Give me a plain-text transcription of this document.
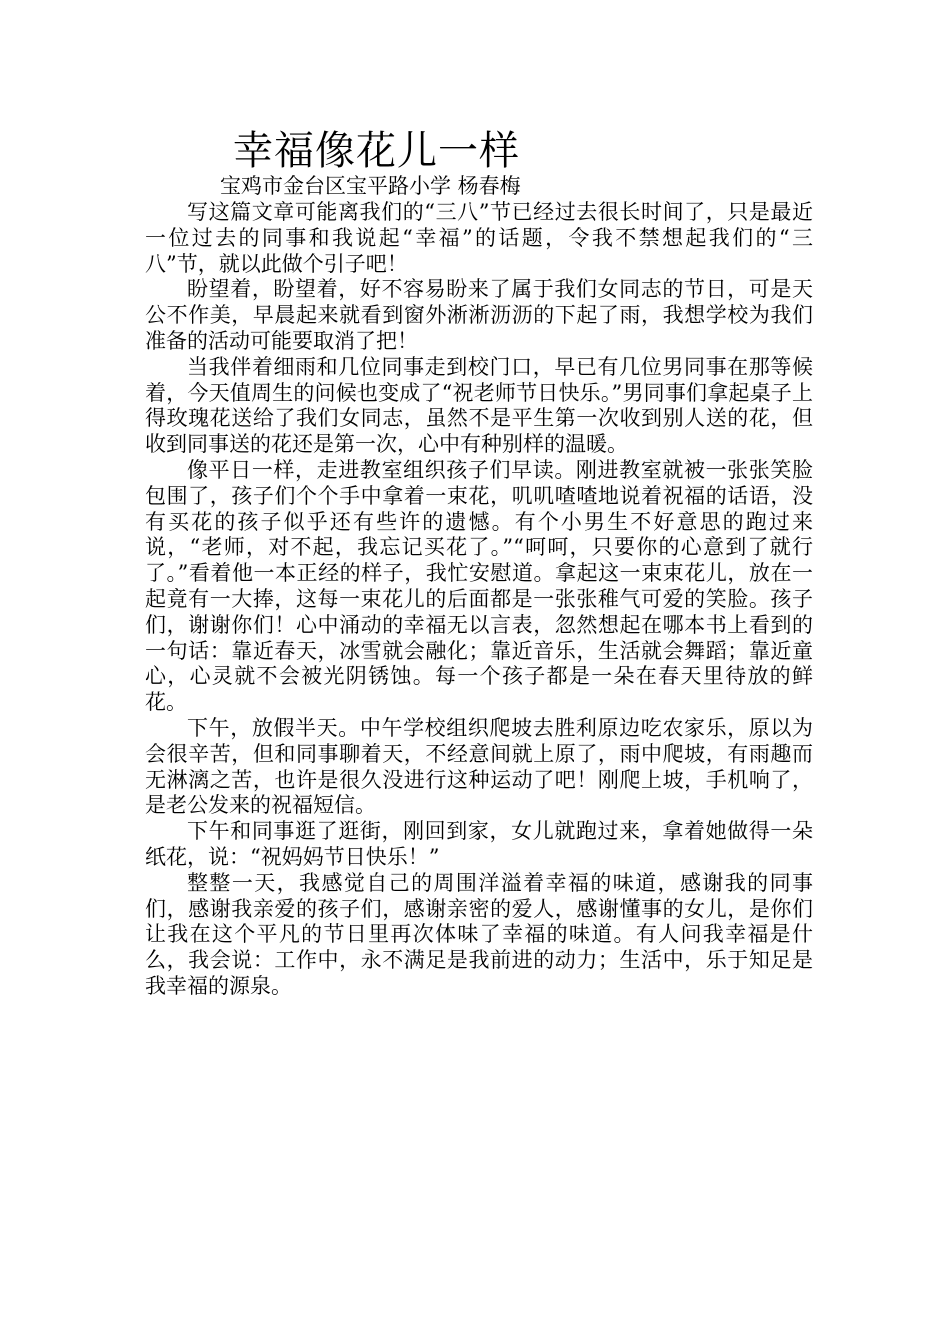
幸福像花儿一样
宝鸡市金台区宝平路小学 杨春梅

写这篇文章可能离我们的“三八”节已经过去很长时间了，只是最近一位过去的同事和我说起“幸福”的话题，令我不禁想起我们的“三八”节，就以此做个引子吧！

盼望着，盼望着，好不容易盼来了属于我们女同志的节日，可是天公不作美，早晨起来就看到窗外淅淅沥沥的下起了雨，我想学校为我们准备的活动可能要取消了把！

当我伴着细雨和几位同事走到校门口，早已有几位男同事在那等候着，今天值周生的问候也变成了“祝老师节日快乐。”男同事们拿起桌子上得玫瑰花送给了我们女同志，虽然不是平生第一次收到别人送的花，但收到同事送的花还是第一次，心中有种别样的温暖。

像平日一样，走进教室组织孩子们早读。刚进教室就被一张张笑脸包围了，孩子们个个手中拿着一束花，叽叽喳喳地说着祝福的话语，没有买花的孩子似乎还有些许的遗憾。有个小男生不好意思的跑过来说，“老师，对不起，我忘记买花了。”“呵呵，只要你的心意到了就行了。”看着他一本正经的样子，我忙安慰道。拿起这一束束花儿，放在一起竟有一大捧，这每一束花儿的后面都是一张张稚气可爱的笑脸。孩子们，谢谢你们！心中涌动的幸福无以言表，忽然想起在哪本书上看到的一句话：靠近春天，冰雪就会融化；靠近音乐，生活就会舞蹈；靠近童心，心灵就不会被光阴锈蚀。每一个孩子都是一朵在春天里待放的鲜花。

下午，放假半天。中午学校组织爬坡去胜利原边吃农家乐，原以为会很辛苦，但和同事聊着天，不经意间就上原了，雨中爬坡，有雨趣而无淋漓之苦，也许是很久没进行这种运动了吧！刚爬上坡，手机响了，是老公发来的祝福短信。

下午和同事逛了逛街，刚回到家，女儿就跑过来，拿着她做得一朵纸花，说：“祝妈妈节日快乐！”

整整一天，我感觉自己的周围洋溢着幸福的味道，感谢我的同事们，感谢我亲爱的孩子们，感谢亲密的爱人，感谢懂事的女儿，是你们让我在这个平凡的节日里再次体味了幸福的味道。有人问我幸福是什么，我会说：工作中，永不满足是我前进的动力；生活中，乐于知足是我幸福的源泉。
